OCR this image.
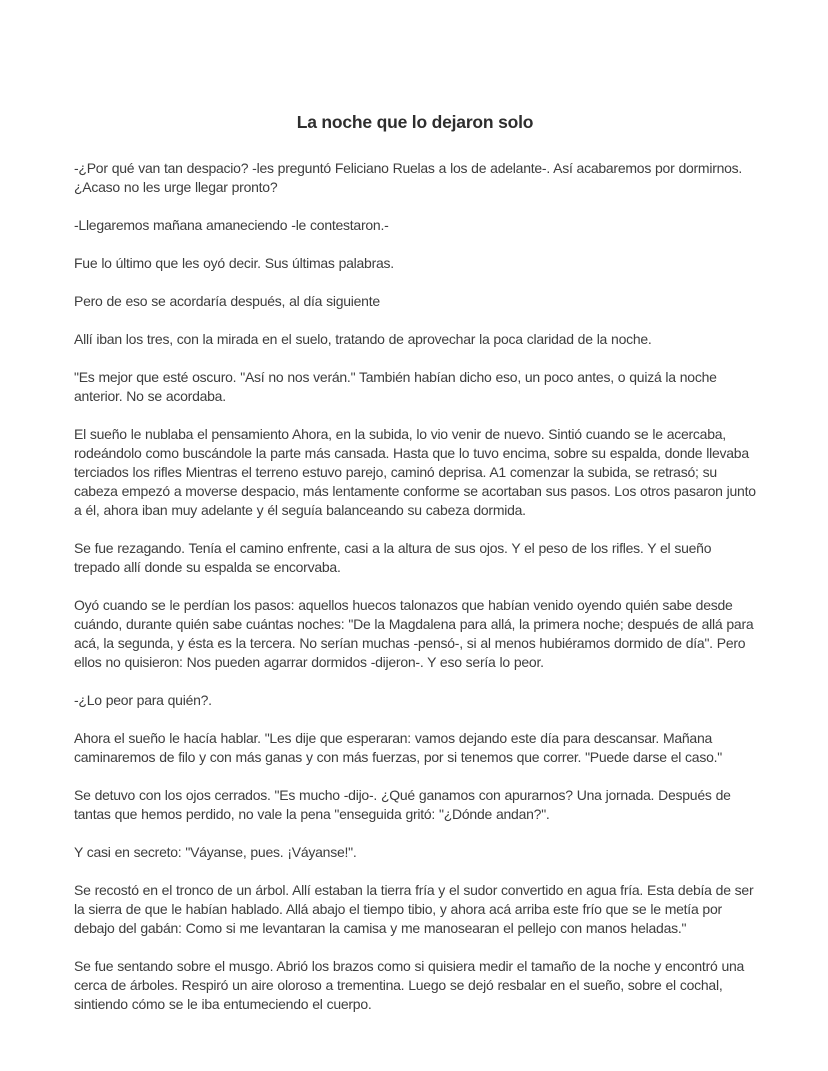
La noche que lo dejaron solo

-¿Por qué van tan despacio? -les preguntó Feliciano Ruelas a los de adelante-. Así acabaremos por dormirnos. ¿Acaso no les urge llegar pronto?

-Llegaremos mañana amaneciendo -le contestaron.-

Fue lo último que les oyó decir. Sus últimas palabras.

Pero de eso se acordaría después, al día siguiente

Allí iban los tres, con la mirada en el suelo, tratando de aprovechar la poca claridad de la noche.

"Es mejor que esté oscuro. "Así no nos verán." También habían dicho eso, un poco antes, o quizá la noche anterior. No se acordaba.

El sueño le nublaba el pensamiento Ahora, en la subida, lo vio venir de nuevo. Sintió cuando se le acercaba, rodeándolo como buscándole la parte más cansada. Hasta que lo tuvo encima, sobre su espalda, donde llevaba terciados los rifles Mientras el terreno estuvo parejo, caminó deprisa. A1 comenzar la subida, se retrasó; su cabeza empezó a moverse despacio, más lentamente conforme se acortaban sus pasos. Los otros pasaron junto a él, ahora iban muy adelante y él seguía balanceando su cabeza dormida.

Se fue rezagando. Tenía el camino enfrente, casi a la altura de sus ojos. Y el peso de los rifles. Y el sueño trepado allí donde su espalda se encorvaba.

Oyó cuando se le perdían los pasos: aquellos huecos talonazos que habían venido oyendo quién sabe desde cuándo, durante quién sabe cuántas noches: "De la Magdalena para allá, la primera noche; después de allá para acá, la segunda, y ésta es la tercera. No serían muchas -pensó-, si al menos hubiéramos dormido de día". Pero ellos no quisieron: Nos pueden agarrar dormidos -dijeron-. Y eso sería lo peor.

-¿Lo peor para quién?.

Ahora el sueño le hacía hablar. "Les dije que esperaran: vamos dejando este día para descansar. Mañana caminaremos de filo y con más ganas y con más fuerzas, por si tenemos que correr. "Puede darse el caso."

Se detuvo con los ojos cerrados. "Es mucho -dijo-. ¿Qué ganamos con apurarnos? Una jornada. Después de tantas que hemos perdido, no vale la pena "enseguida gritó: "¿Dónde andan?".

Y casi en secreto: "Váyanse, pues. ¡Váyanse!".

Se recostó en el tronco de un árbol. Allí estaban la tierra fría y el sudor convertido en agua fría. Esta debía de ser la sierra de que le habían hablado. Allá abajo el tiempo tibio, y ahora acá arriba este frío que se le metía por debajo del gabán: Como si me levantaran la camisa y me manosearan el pellejo con manos heladas."

Se fue sentando sobre el musgo. Abrió los brazos como si quisiera medir el tamaño de la noche y encontró una cerca de árboles. Respiró un aire oloroso a trementina. Luego se dejó resbalar en el sueño, sobre el cochal, sintiendo cómo se le iba entumeciendo el cuerpo.
